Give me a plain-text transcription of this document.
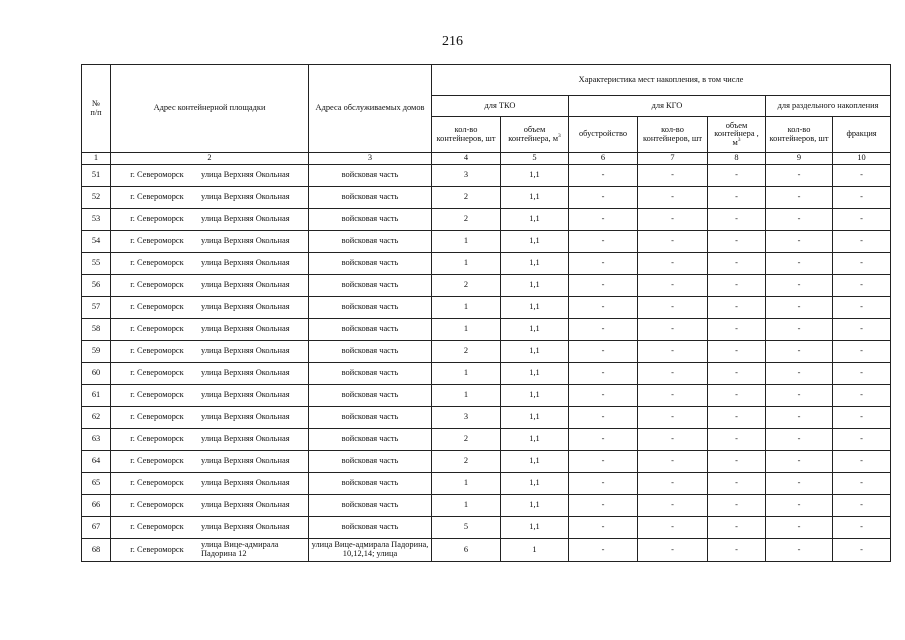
216
№
п/п	Адрес контейнерной площадки	Адреса обслуживаемых домов	Характеристика мест накопления, в том числе						
			для ТКО		для КГО			для раздельного накопления	
			кол-во контейнеров, шт	объем контейнера, $м^3$	обустройство	кол-во контейнеров, шт	объем контейнера , $м^3$	кол-во контейнеров, шт	фракция
1	2	3	4	5	6	7	8	9	10
51	г. Североморск улица Верхняя Окольная	войсковая часть	3	1,1	-	-	-	-	-
52	г. Североморск улица Верхняя Окольная	войсковая часть	2	1,1	-	-	-	-	-
53	г. Североморск улица Верхняя Окольная	войсковая часть	2	1,1	-	-	-	-	-
54	г. Североморск улица Верхняя Окольная	войсковая часть	1	1,1	-	-	-	-	-
55	г. Североморск улица Верхняя Окольная	войсковая часть	1	1,1	-	-	-	-	-
56	г. Североморск улица Верхняя Окольная	войсковая часть	2	1,1	-	-	-	-	-
57	г. Североморск улица Верхняя Окольная	войсковая часть	1	1,1	-	-	-	-	-
58	г. Североморск улица Верхняя Окольная	войсковая часть	1	1,1	-	-	-	-	-
59	г. Североморск улица Верхняя Окольная	войсковая часть	2	1,1	-	-	-	-	-
60	г. Североморск улица Верхняя Окольная	войсковая часть	1	1,1	-	-	-	-	-
61	г. Североморск улица Верхняя Окольная	войсковая часть	1	1,1	-	-	-	-	-
62	г. Североморск улица Верхняя Окольная	войсковая часть	3	1,1	-	-	-	-	-
63	г. Североморск улица Верхняя Окольная	войсковая часть	2	1,1	-	-	-	-	-
64	г. Североморск улица Верхняя Окольная	войсковая часть	2	1,1	-	-	-	-	-
65	г. Североморск улица Верхняя Окольная	войсковая часть	1	1,1	-	-	-	-	-
66	г. Североморск улица Верхняя Окольная	войсковая часть	1	1,1	-	-	-	-	-
67	г. Североморск улица Верхняя Окольная	войсковая часть	5	1,1	-	-	-	-	-
68	г. Североморск улица Вице-адмирала Падорина 12	улица Вице-адмирала Падорина, 10,12,14; улица	6	1	-	-	-	-	-
